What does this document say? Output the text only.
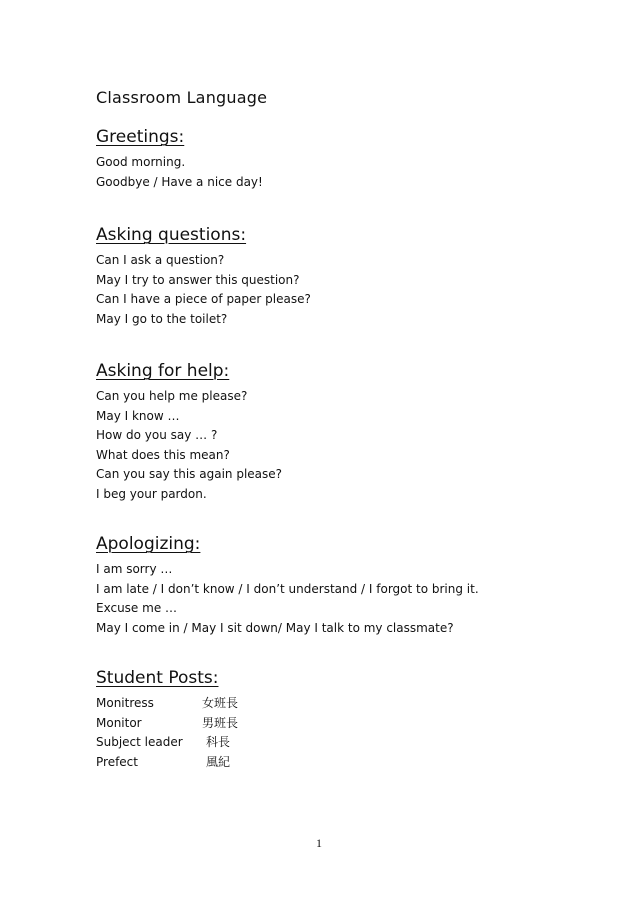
Classroom Language
Greetings:
Good morning.
Goodbye / Have a nice day!
Asking questions:
Can I ask a question?
May I try to answer this question?
Can I have a piece of paper please?
May I go to the toilet?
Asking for help:
Can you help me please?
May I know …
How do you say … ?
What does this mean?
Can you say this again please?
I beg your pardon.
Apologizing:
I am sorry …
I am late / I don’t know / I don’t understand / I forgot to bring it.
Excuse me …
May I come in / May I sit down/ May I talk to my classmate?
Student Posts:
Monitress	女班長
Monitor	男班長
Subject leader 科長
Prefect	風紀
1
